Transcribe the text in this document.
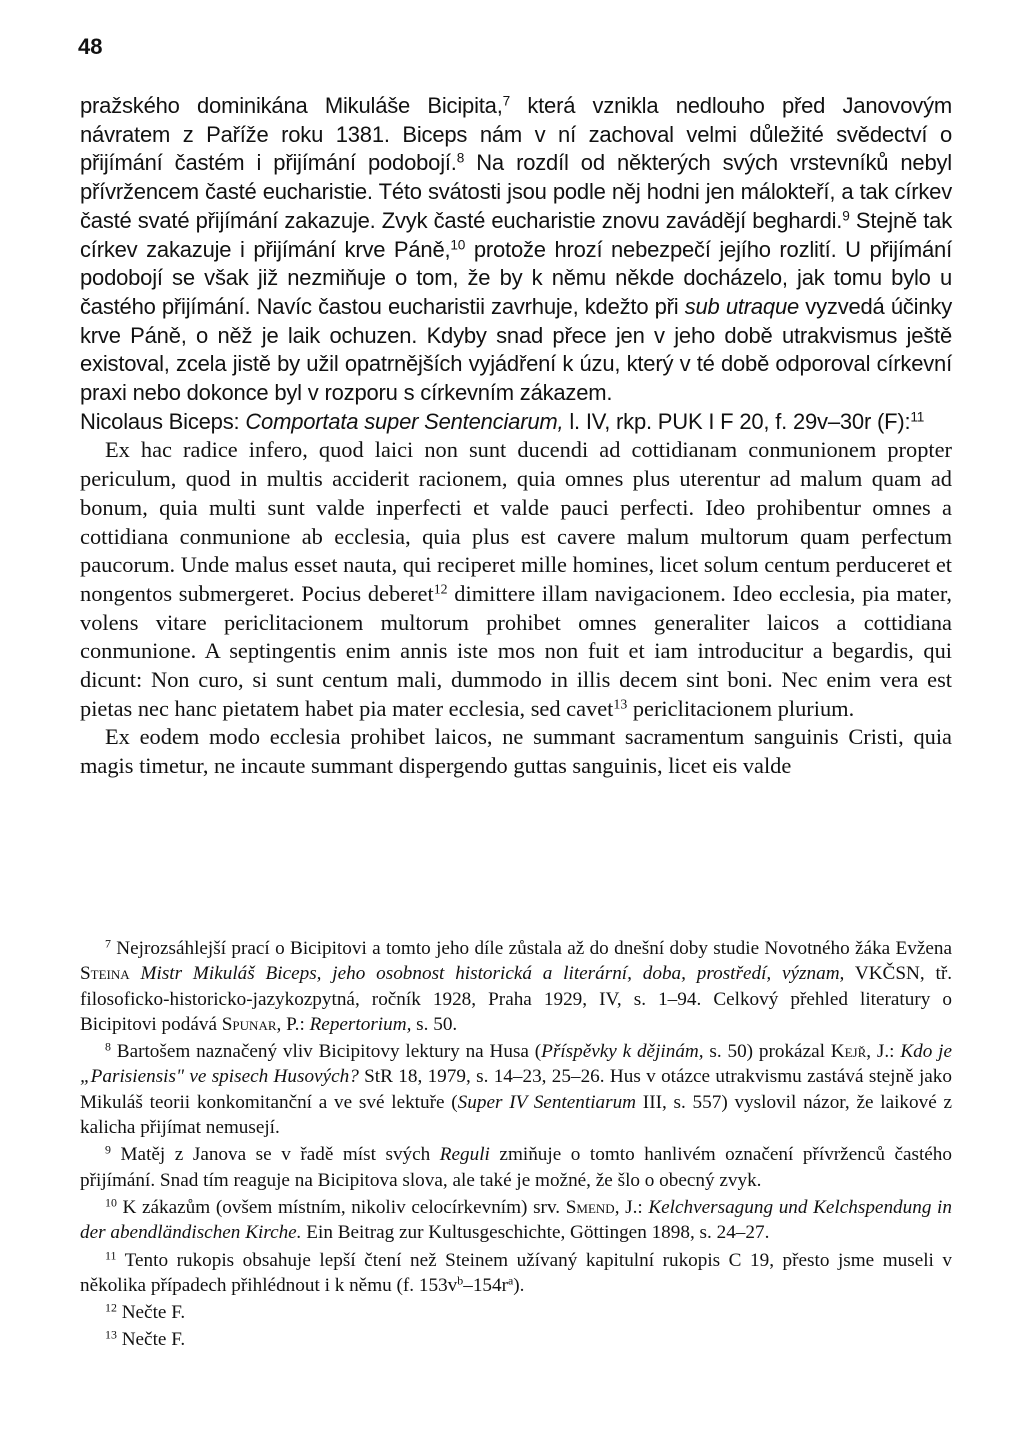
48

pražského dominikána Mikuláše Bicipita,$^7$ která vznikla nedlouho před Janovovým návratem z Paříže roku 1381. Biceps nám v ní zachoval velmi důležité svědectví o přijímání častém i přijímání podobojí.$^8$ Na rozdíl od některých svých vrstevníků nebyl přívržencem časté eucharistie. Této svátosti jsou podle něj hodni jen málokteří, a tak církev časté svaté přijímání zakazuje. Zvyk časté eucharistie znovu zavádějí beghardi.$^9$ Stejně tak církev zakazuje i přijímání krve Páně,$^{10}$ protože hrozí nebezpečí jejího rozlití. U přijímání podobojí se však již nezmiňuje o tom, že by k němu někde docházelo, jak tomu bylo u častého přijímání. Navíc častou eucharistii zavrhuje, kdežto při sub utraque vyzvedá účinky krve Páně, o něž je laik ochuzen. Kdyby snad přece jen v jeho době utrakvismus ještě existoval, zcela jistě by užil opatrnějších vyjádření k úzu, který v té době odporoval církevní praxi nebo dokonce byl v rozporu s církevním zákazem.

Nicolaus Biceps: Comportata super Sentenciarum, l. IV, rkp. PUK I F 20, f. 29v–30r (F):$^{11}$

Ex hac radice infero, quod laici non sunt ducendi ad cottidianam conmunionem propter periculum, quod in multis acciderit racionem, quia omnes plus uterentur ad malum quam ad bonum, quia multi sunt valde inperfecti et valde pauci perfecti. Ideo prohibentur omnes a cottidiana conmunione ab ecclesia, quia plus est cavere malum multorum quam perfectum paucorum. Unde malus esset nauta, qui reciperet mille homines, licet solum centum perduceret et nongentos submergeret. Pocius deberet$^{12}$ dimittere illam navigacionem. Ideo ecclesia, pia mater, volens vitare periclitacionem multorum prohibet omnes generaliter laicos a cottidiana conmunione. A septingentis enim annis iste mos non fuit et iam introducitur a begardis, qui dicunt: Non curo, si sunt centum mali, dummodo in illis decem sint boni. Nec enim vera est pietas nec hanc pietatem habet pia mater ecclesia, sed cavet$^{13}$ periclitacionem plurium.

Ex eodem modo ecclesia prohibet laicos, ne summant sacramentum sanguinis Cristi, quia magis timetur, ne incaute summant dispergendo guttas sanguinis, licet eis valde

$^7$ Nejrozsáhlejší prací o Bicipitovi a tomto jeho díle zůstala až do dnešní doby studie Novotného žáka Evžena Steina Mistr Mikuláš Biceps, jeho osobnost historická a literární, doba, prostředí, význam, VKČSN, tř. filosoficko-historicko-jazykozpytná, ročník 1928, Praha 1929, IV, s. 1–94. Celkový přehled literatury o Bicipitovi podává Spunar, P.: Repertorium, s. 50.

$^8$ Bartošem naznačený vliv Bicipitovy lektury na Husa (Příspěvky k dějinám, s. 50) prokázal Kejř, J.: Kdo je „Parisiensis" ve spisech Husových? StR 18, 1979, s. 14–23, 25–26. Hus v otázce utrakvismu zastává stejně jako Mikuláš teorii konkomitanční a ve své lektuře (Super IV Sententiarum III, s. 557) vyslovil názor, že laikové z kalicha přijímat nemusejí.

$^9$ Matěj z Janova se v řadě míst svých Reguli zmiňuje o tomto hanlivém označení přívrženců častého přijímání. Snad tím reaguje na Bicipitova slova, ale také je možné, že šlo o obecný zvyk.

$^{10}$ K zákazům (ovšem místním, nikoliv celocírkevním) srv. Smend, J.: Kelchversagung und Kelchspendung in der abendländischen Kirche. Ein Beitrag zur Kultusgeschichte, Göttingen 1898, s. 24–27.

$^{11}$ Tento rukopis obsahuje lepší čtení než Steinem užívaný kapitulní rukopis C 19, přesto jsme museli v několika případech přihlédnout i k němu (f. $153v^b-154r^a$).

$^{12}$ Nečte F.

$^{13}$ Nečte F.
